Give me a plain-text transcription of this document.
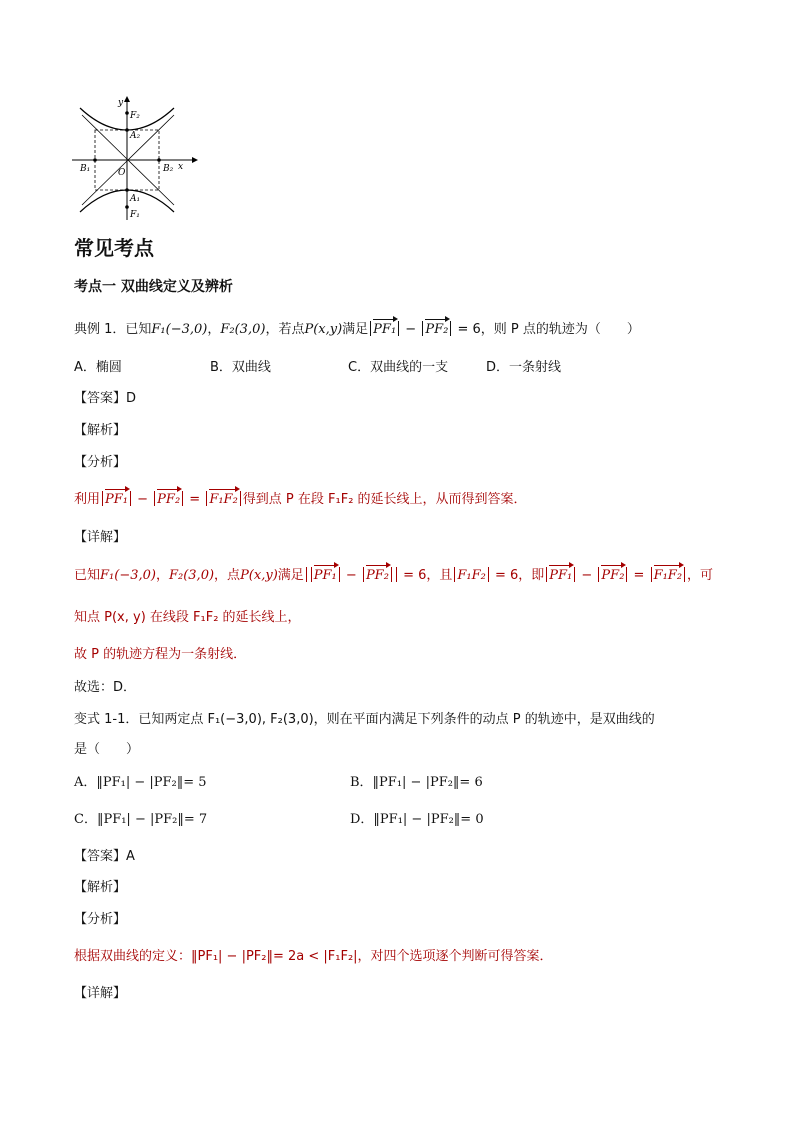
y
F₂
A₂
B₁	O	B₂ x
A₁
F₁
常见考点
考点一 双曲线定义及辨析
典例 1．已知F₁(−3,0)，F₂(3,0)，若点P(x,y)满足 PF₁ − PF₂ = 6，则 P 点的轨迹为（　　）
A．椭圆	B．双曲线	C．双曲线的一支	D．一条射线
【答案】D
【解析】
【分析】
利用 PF₁ − PF₂ = F₁F₂ 得到点 P 在段 F₁F₂ 的延长线上，从而得到答案．
【详解】
已知F₁(−3,0)，F₂(3,0)，点P(x,y)满足 PF₁ − PF₂ = 6，且 F₁F₂ = 6，即 PF₁ − PF₂ = F₁F₂ ，可
知点 P(x, y) 在线段 F₁F₂ 的延长线上，
故 P 的轨迹方程为一条射线．
故选：D．
变式 1-1．已知两定点 F₁(−3,0), F₂(3,0)，则在平面内满足下列条件的动点 P 的轨迹中，是双曲线的
是（　　）
A．‖PF₁| − |PF₂‖= 5	B．‖PF₁| − |PF₂‖= 6
C．‖PF₁| − |PF₂‖= 7	D．‖PF₁| − |PF₂‖= 0
【答案】A
【解析】
【分析】
根据双曲线的定义：‖PF₁| − |PF₂‖= 2a < |F₁F₂|，对四个选项逐个判断可得答案．
【详解】
